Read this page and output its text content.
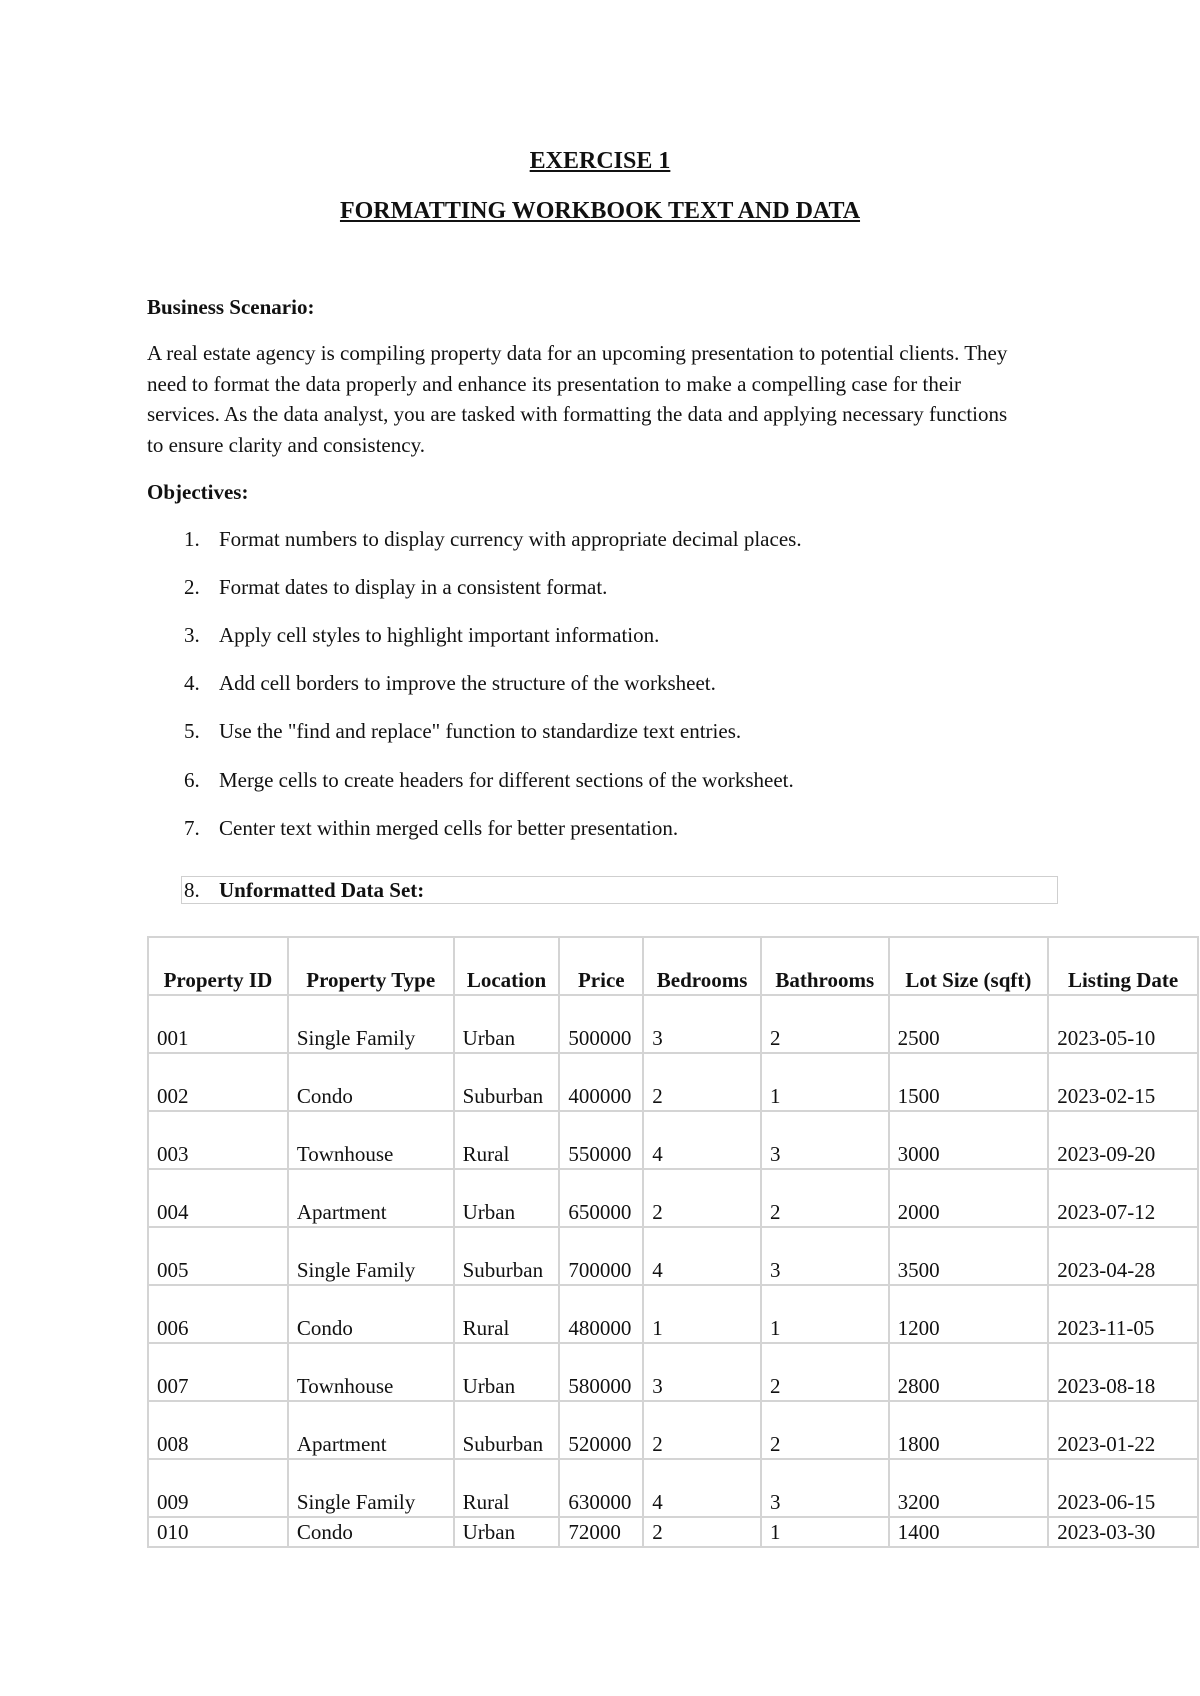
EXERCISE 1
FORMATTING WORKBOOK TEXT AND DATA
Business Scenario:
A real estate agency is compiling property data for an upcoming presentation to potential clients. They need to format the data properly and enhance its presentation to make a compelling case for their services. As the data analyst, you are tasked with formatting the data and applying necessary functions to ensure clarity and consistency.
Objectives:
1. Format numbers to display currency with appropriate decimal places.
2. Format dates to display in a consistent format.
3. Apply cell styles to highlight important information.
4. Add cell borders to improve the structure of the worksheet.
5. Use the "find and replace" function to standardize text entries.
6. Merge cells to create headers for different sections of the worksheet.
7. Center text within merged cells for better presentation.
8. Unformatted Data Set:
Property ID	Property Type	Location	Price	Bedrooms	Bathrooms	Lot Size (sqft)	Listing Date
001	Single Family	Urban	500000	3	2	2500	2023-05-10
002	Condo	Suburban	400000	2	1	1500	2023-02-15
003	Townhouse	Rural	550000	4	3	3000	2023-09-20
004	Apartment	Urban	650000	2	2	2000	2023-07-12
005	Single Family	Suburban	700000	4	3	3500	2023-04-28
006	Condo	Rural	480000	1	1	1200	2023-11-05
007	Townhouse	Urban	580000	3	2	2800	2023-08-18
008	Apartment	Suburban	520000	2	2	1800	2023-01-22
009	Single Family	Rural	630000	4	3	3200	2023-06-15
010	Condo	Urban	72000	2	1	1400	2023-03-30
